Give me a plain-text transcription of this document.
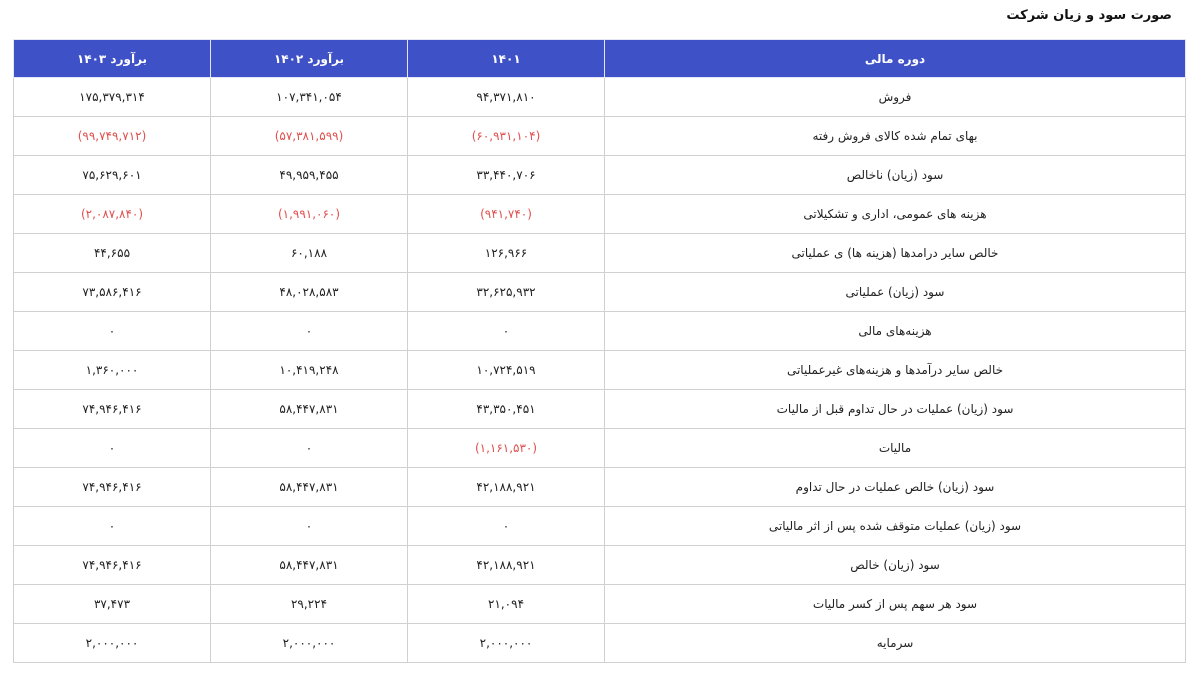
صورت سود و زیان شرکت
دوره مالی	۱۴۰۱	برآورد ۱۴۰۲	برآورد ۱۴۰۳
فروش	۹۴,۳۷۱,۸۱۰	۱۰۷,۳۴۱,۰۵۴	۱۷۵,۳۷۹,۳۱۴
بهای تمام شده کالای فروش رفته	(۶۰,۹۳۱,۱۰۴)	(۵۷,۳۸۱,۵۹۹)	(۹۹,۷۴۹,۷۱۲)
سود (زیان) ناخالص	۳۳,۴۴۰,۷۰۶	۴۹,۹۵۹,۴۵۵	۷۵,۶۲۹,۶۰۱
هزینه های عمومی، اداری و تشکیلاتی	(۹۴۱,۷۴۰)	(۱,۹۹۱,۰۶۰)	(۲,۰۸۷,۸۴۰)
خالص سایر درامدها (هزینه ها) ی عملیاتی	۱۲۶,۹۶۶	۶۰,۱۸۸	۴۴,۶۵۵
سود (زیان) عملیاتی	۳۲,۶۲۵,۹۳۲	۴۸,۰۲۸,۵۸۳	۷۳,۵۸۶,۴۱۶
هزینه‌های مالی	۰	۰	۰
خالص سایر درآمدها و هزینه‌های غیرعملیاتی	۱۰,۷۲۴,۵۱۹	۱۰,۴۱۹,۲۴۸	۱,۳۶۰,۰۰۰
سود (زیان) عملیات در حال تداوم قبل از مالیات	۴۳,۳۵۰,۴۵۱	۵۸,۴۴۷,۸۳۱	۷۴,۹۴۶,۴۱۶
مالیات	(۱,۱۶۱,۵۳۰)	۰	۰
سود (زیان) خالص عملیات در حال تداوم	۴۲,۱۸۸,۹۲۱	۵۸,۴۴۷,۸۳۱	۷۴,۹۴۶,۴۱۶
سود (زیان) عملیات متوقف شده پس از اثر مالیاتی	۰	۰	۰
سود (زیان) خالص	۴۲,۱۸۸,۹۲۱	۵۸,۴۴۷,۸۳۱	۷۴,۹۴۶,۴۱۶
سود هر سهم پس از کسر مالیات	۲۱,۰۹۴	۲۹,۲۲۴	۳۷,۴۷۳
سرمایه	۲,۰۰۰,۰۰۰	۲,۰۰۰,۰۰۰	۲,۰۰۰,۰۰۰
